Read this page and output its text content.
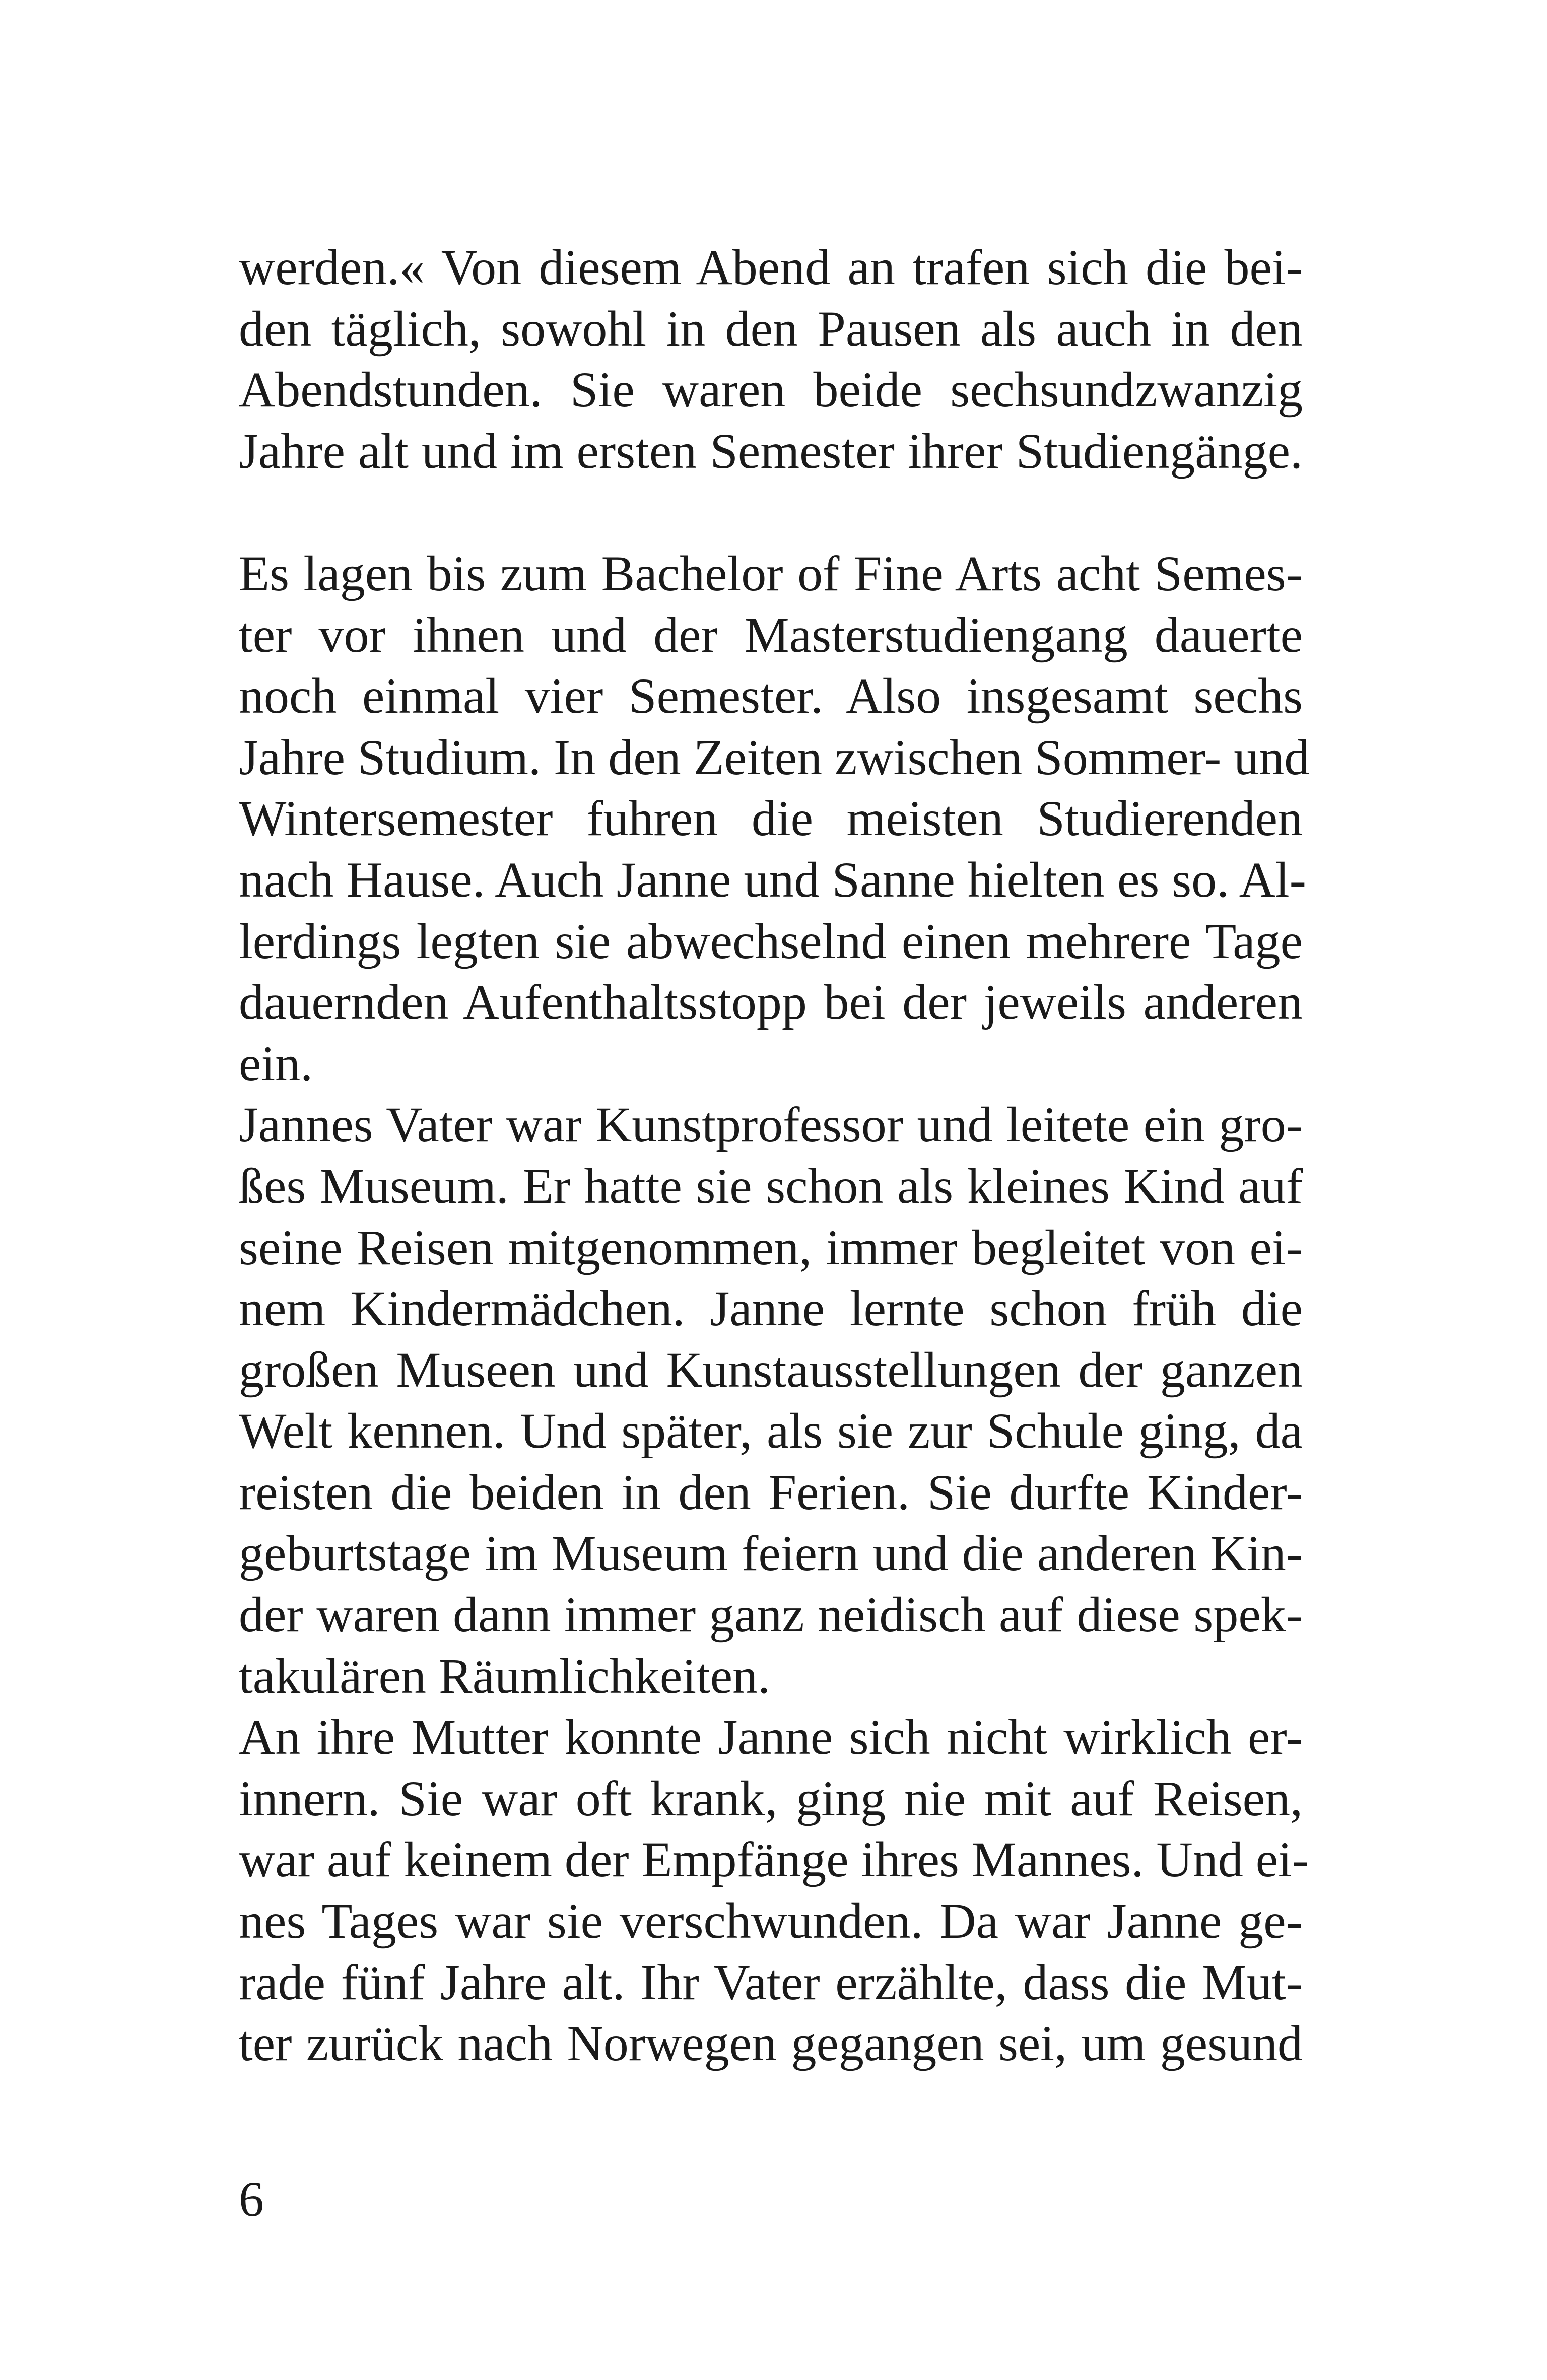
werden.« Von diesem Abend an trafen sich die bei-
den täglich, sowohl in den Pausen als auch in den
Abendstunden. Sie waren beide sechsundzwanzig
Jahre alt und im ersten Semester ihrer Studiengänge.
Es lagen bis zum Bachelor of Fine Arts acht Semes-
ter vor ihnen und der Masterstudiengang dauerte
noch einmal vier Semester. Also insgesamt sechs
Jahre Studium. In den Zeiten zwischen Sommer- und
Wintersemester fuhren die meisten Studierenden
nach Hause. Auch Janne und Sanne hielten es so. Al-
lerdings legten sie abwechselnd einen mehrere Tage
dauernden Aufenthaltsstopp bei der jeweils anderen
ein.
Jannes Vater war Kunstprofessor und leitete ein gro-
ßes Museum. Er hatte sie schon als kleines Kind auf
seine Reisen mitgenommen, immer begleitet von ei-
nem Kindermädchen. Janne lernte schon früh die
großen Museen und Kunstausstellungen der ganzen
Welt kennen. Und später, als sie zur Schule ging, da
reisten die beiden in den Ferien. Sie durfte Kinder-
geburtstage im Museum feiern und die anderen Kin-
der waren dann immer ganz neidisch auf diese spek-
takulären Räumlichkeiten.
An ihre Mutter konnte Janne sich nicht wirklich er-
innern. Sie war oft krank, ging nie mit auf Reisen,
war auf keinem der Empfänge ihres Mannes. Und ei-
nes Tages war sie verschwunden. Da war Janne ge-
rade fünf Jahre alt. Ihr Vater erzählte, dass die Mut-
ter zurück nach Norwegen gegangen sei, um gesund
6
